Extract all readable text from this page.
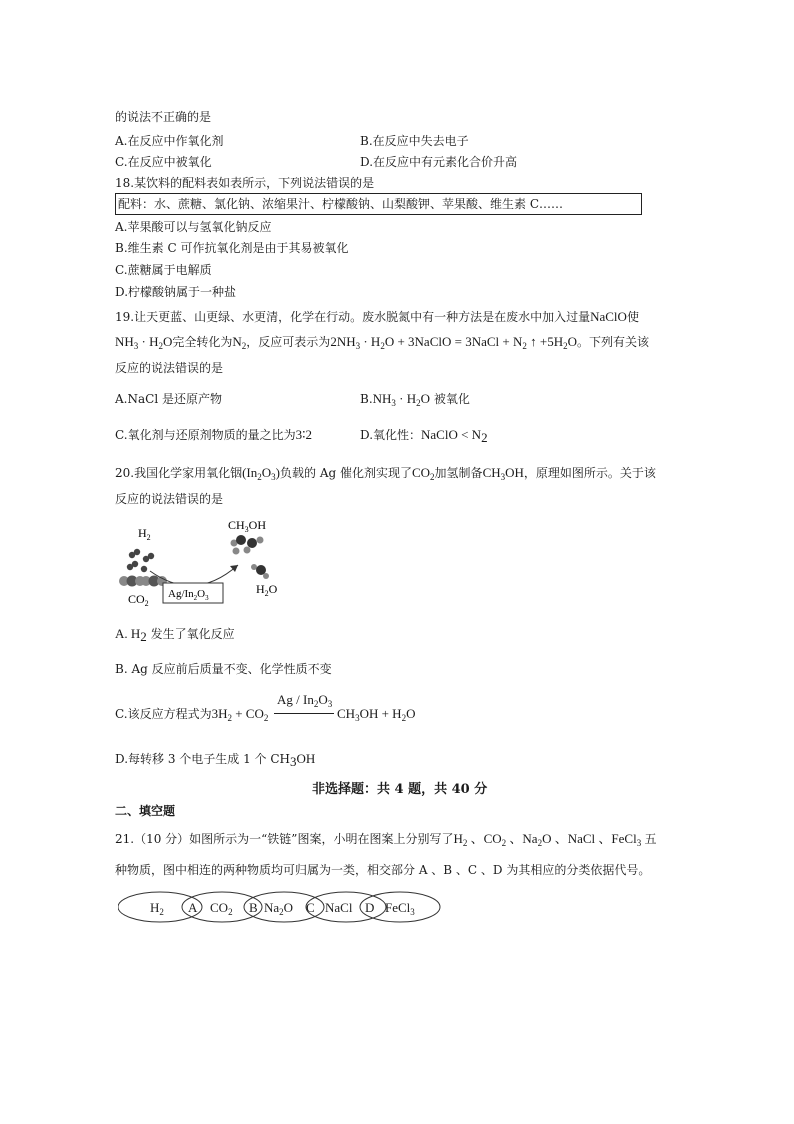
的说法不正确的是
A.在反应中作氧化剂	B.在反应中失去电子
C.在反应中被氧化	D.在反应中有元素化合价升高
18.某饮料的配料表如表所示，下列说法错误的是
配料：水、蔗糖、氯化钠、浓缩果汁、柠檬酸钠、山梨酸钾、苹果酸、维生素 C……
A.苹果酸可以与氢氧化钠反应
B.维生素 C 可作抗氧化剂是由于其易被氧化
C.蔗糖属于电解质
D.柠檬酸钠属于一种盐
19.让天更蓝、山更绿、水更清，化学在行动。废水脱氮中有一种方法是在废水中加入过量NaClO使
$NH_3 \cdot H_2O$完全转化为$N_2$，反应可表示为$2NH_3 \cdot H_2O$ + 3NaClO = 3NaCl + $N_2$ ↑ $+5H_2O$。下列有关该
反应的说法错误的是
A.NaCl 是还原产物	$B.NH_3 \cdot H_2O$ 被氧化
C.氧化剂与还原剂物质的量之比为3∶2	D.氧化性：NaClO < $N_2$
20.我国化学家用氧化铟$(In_2O_3)$负载的 Ag 催化剂实现了$CO_2$加氢制备$CH_3OH$，原理如图所示。关于该
反应的说法错误的是
$H_2$
$CO_2$
$Ag/In_2O_3$
$CH_3OH$
$H_2O$
A. $H_2$ 发生了氧化反应
B. Ag 反应前后质量不变、化学性质不变
C.该反应方程式为$3H_2 + CO_2$
Ag / $In_2O_3$
$CH_3OH + H_2O$
D.每转移 3 个电子生成 1 个 $CH_3OH$
非选择题：共 4 题，共 40 分
二、填空题
21.（10 分）如图所示为一“铁链”图案，小明在图案上分别写了$H_2$ 、$CO_2$ 、$Na_2O$ 、NaCl 、FeCl$_3$ 五
种物质，图中相连的两种物质均可归属为一类，相交部分 A 、B 、C 、D 为其相应的分类依据代号。
$H_2$	$CO_2$ $Na_2O$ NaCl	FeCl$_3$
A	B	C	D
